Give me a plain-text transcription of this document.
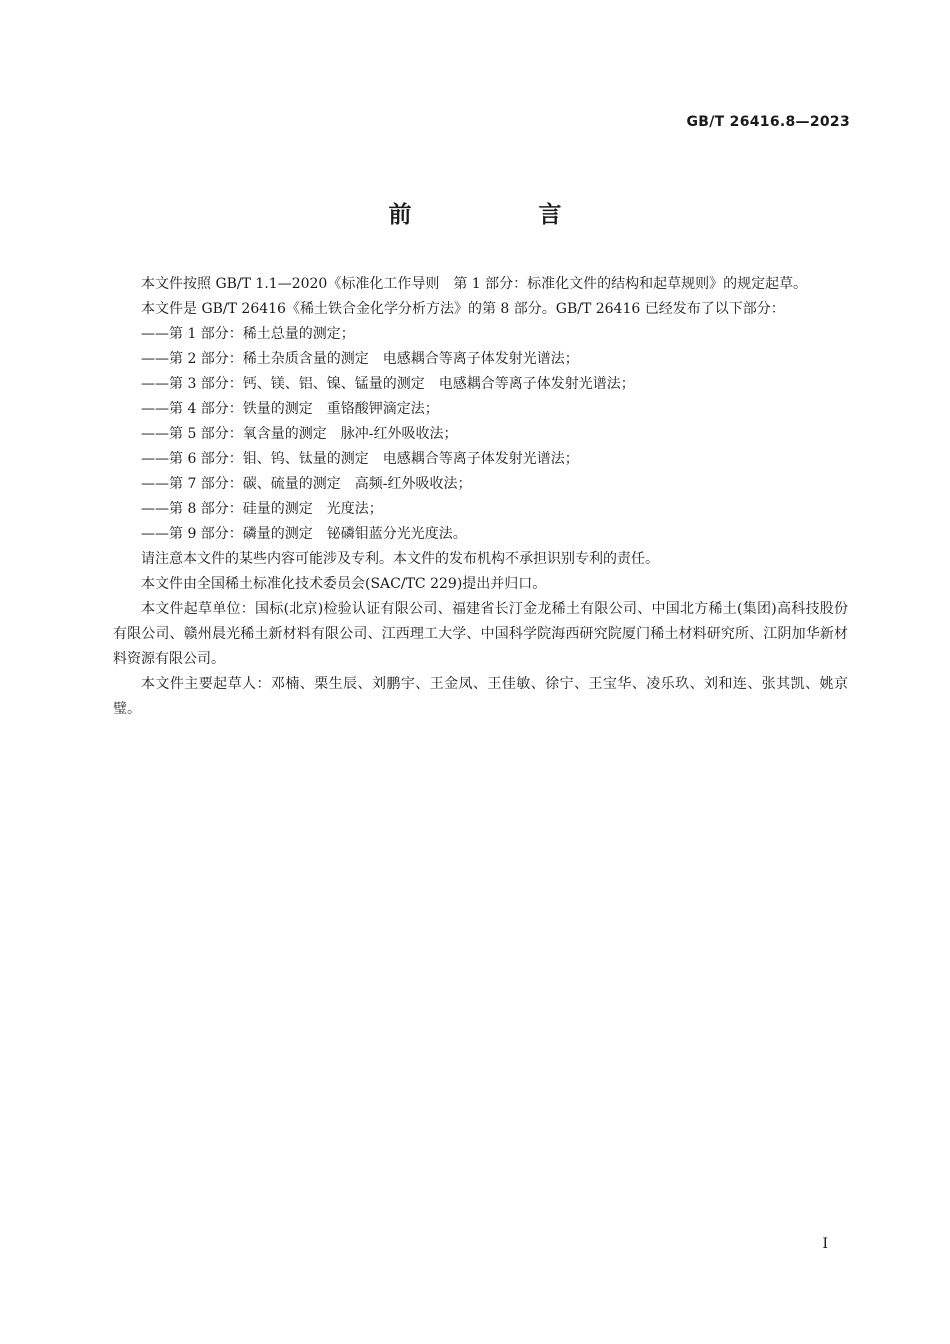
GB/T 26416.8—2023
前　言

本文件按照 GB/T 1.1—2020《标准化工作导则　第 1 部分：标准化文件的结构和起草规则》的规定起草。

本文件是 GB/T 26416《稀土铁合金化学分析方法》的第 8 部分。GB/T 26416 已经发布了以下部分：

——第 1 部分：稀土总量的测定；
——第 2 部分：稀土杂质含量的测定　电感耦合等离子体发射光谱法；
——第 3 部分：钙、镁、铝、镍、锰量的测定　电感耦合等离子体发射光谱法；
——第 4 部分：铁量的测定　重铬酸钾滴定法；
——第 5 部分：氧含量的测定　脉冲-红外吸收法；
——第 6 部分：钼、钨、钛量的测定　电感耦合等离子体发射光谱法；
——第 7 部分：碳、硫量的测定　高频-红外吸收法；
——第 8 部分：硅量的测定　光度法；
——第 9 部分：磷量的测定　铋磷钼蓝分光光度法。

请注意本文件的某些内容可能涉及专利。本文件的发布机构不承担识别专利的责任。

本文件由全国稀土标准化技术委员会(SAC/TC 229)提出并归口。

本文件起草单位：国标(北京)检验认证有限公司、福建省长汀金龙稀土有限公司、中国北方稀土(集团)高科技股份有限公司、赣州晨光稀土新材料有限公司、江西理工大学、中国科学院海西研究院厦门稀土材料研究所、江阴加华新材料资源有限公司。

本文件主要起草人：邓楠、栗生辰、刘鹏宇、王金凤、王佳敏、徐宁、王宝华、凌乐玖、刘和连、张其凯、姚京璧。

I
